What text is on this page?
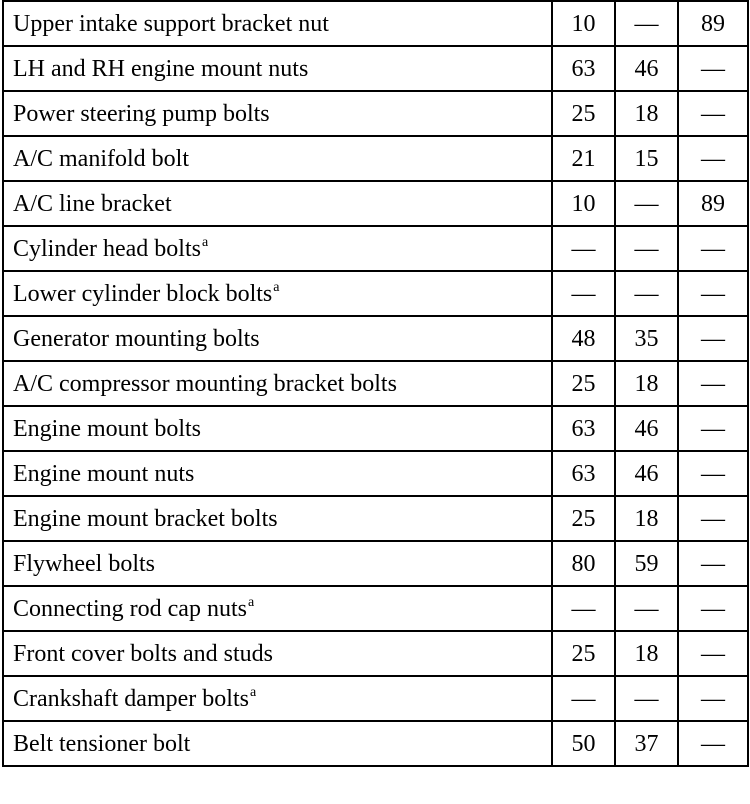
Upper intake support bracket nut	10	—	89
LH and RH engine mount nuts	63	46	—
Power steering pump bolts	25	18	—
A/C manifold bolt	21	15	—
A/C line bracket	10	—	89
Cylinder head bolts$^a$	—	—	—
Lower cylinder block bolts$^a$	—	—	—
Generator mounting bolts	48	35	—
A/C compressor mounting bracket bolts	25	18	—
Engine mount bolts	63	46	—
Engine mount nuts	63	46	—
Engine mount bracket bolts	25	18	—
Flywheel bolts	80	59	—
Connecting rod cap nuts$^a$	—	—	—
Front cover bolts and studs	25	18	—
Crankshaft damper bolts$^a$	—	—	—
Belt tensioner bolt	50	37	—
